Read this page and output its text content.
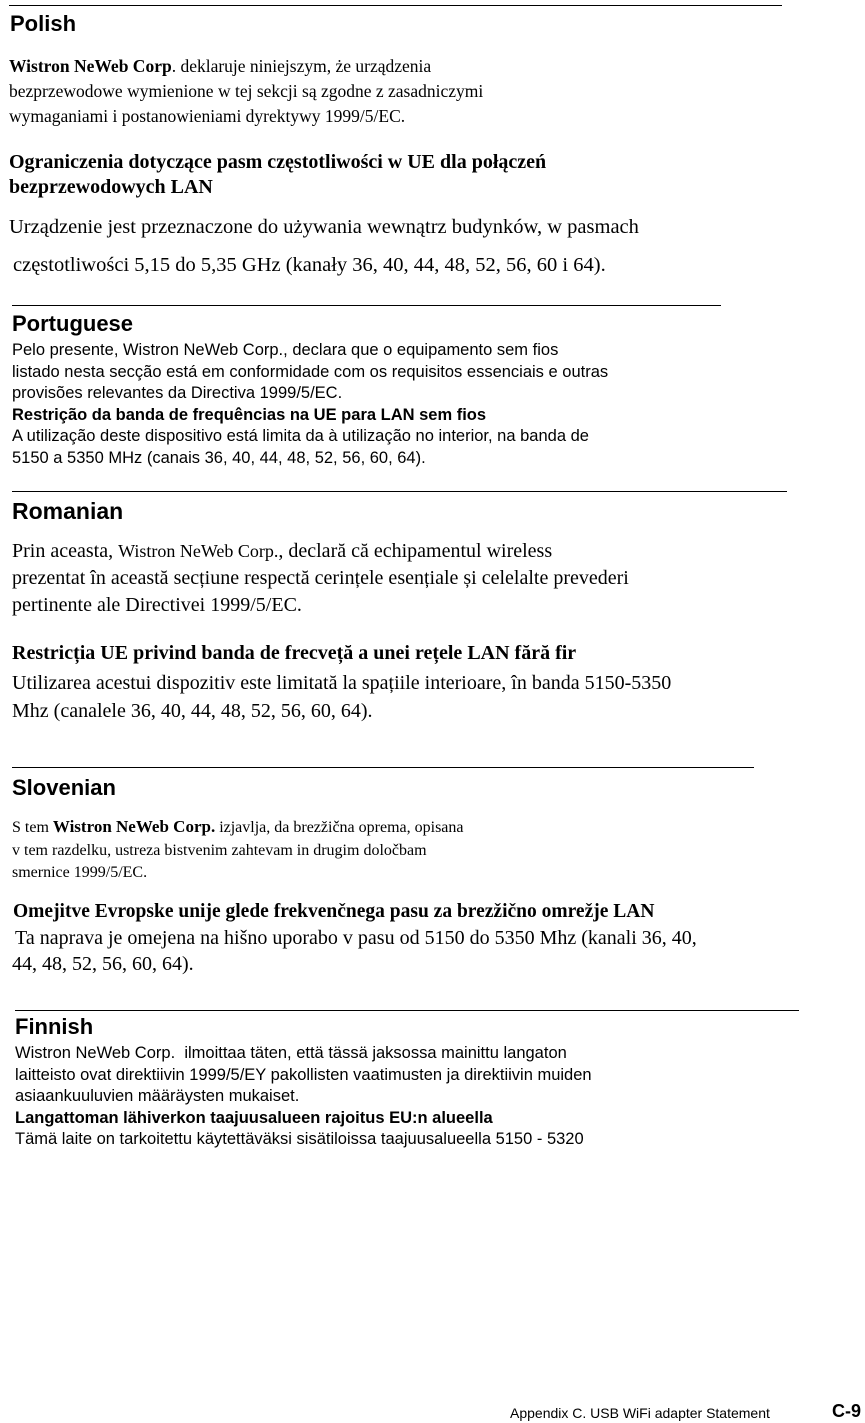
Polish
Wistron NeWeb Corp. deklaruje niniejszym, że urządzenia
bezprzewodowe wymienione w tej sekcji są zgodne z zasadniczymi
wymaganiami i postanowieniami dyrektywy 1999/5/EC.
Ograniczenia dotyczące pasm częstotliwości w UE dla połączeń
bezprzewodowych LAN
Urządzenie jest przeznaczone do używania wewnątrz budynków, w pasmach
częstotliwości 5,15 do 5,35 GHz (kanały 36, 40, 44, 48, 52, 56, 60 i 64).
Portuguese
Pelo presente, Wistron NeWeb Corp., declara que o equipamento sem fios
listado nesta secção está em conformidade com os requisitos essenciais e outras
provisões relevantes da Directiva 1999/5/EC.
Restrição da banda de frequências na UE para LAN sem fios
A utilização deste dispositivo está limita da à utilização no interior, na banda de
5150 a 5350 MHz (canais 36, 40, 44, 48, 52, 56, 60, 64).
Romanian
Prin aceasta, Wistron NeWeb Corp., declară că echipamentul wireless
prezentat în această secțiune respectă cerințele esențiale și celelalte prevederi
pertinente ale Directivei 1999/5/EC.
Restricția UE privind banda de frecvеță a unei rețele LAN fără fir
Utilizarea acestui dispozitiv este limitată la spațiile interioare, în banda 5150-5350
Mhz (canalele 36, 40, 44, 48, 52, 56, 60, 64).
Slovenian
S tem Wistron NeWeb Corp. izjavlja, da brezžična oprema, opisana
v tem razdelku, ustreza bistvenim zahtevam in drugim določbam
smernice 1999/5/EC.
Omejitve Evropske unije glede frekvenčnega pasu za brezžično omrežje LAN
Ta naprava je omejena na hišno uporabo v pasu od 5150 do 5350 Mhz (kanali 36, 40,
44, 48, 52, 56, 60, 64).
Finnish
Wistron NeWeb Corp.  ilmoittaa täten, että tässä jaksossa mainittu langaton
laitteisto ovat direktiivin 1999/5/EY pakollisten vaatimusten ja direktiivin muiden
asiaankuuluvien määräysten mukaiset.
Langattoman lähiverkon taajuusalueen rajoitus EU:n alueella
Tämä laite on tarkoitettu käytettäväksi sisätiloissa taajuusalueella 5150 - 5320
Appendix C. USB WiFi adapter Statement	C-9
